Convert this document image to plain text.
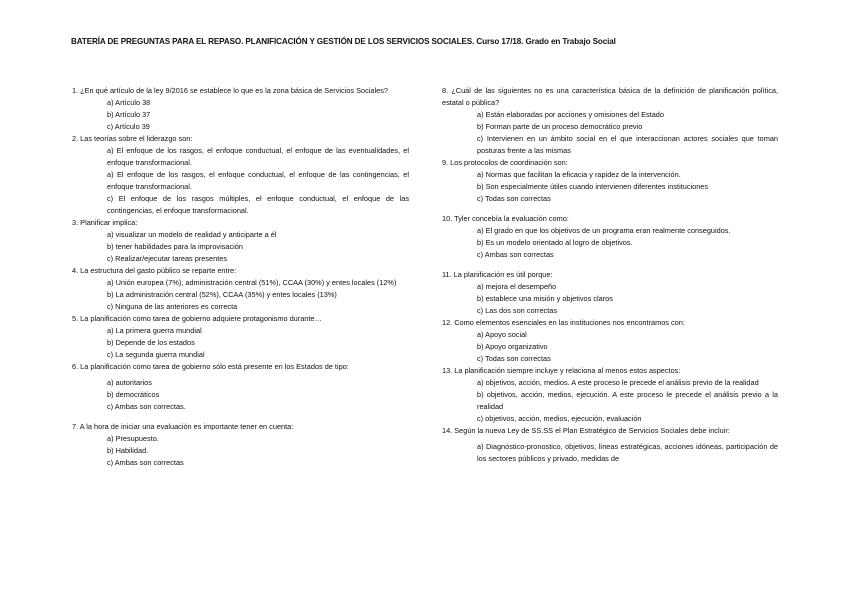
BATERÍA DE PREGUNTAS PARA EL REPASO. PLANIFICACIÓN Y GESTIÓN DE LOS SERVICIOS SOCIALES. Curso 17/18. Grado en Trabajo Social
1. ¿En qué artículo de la ley 9/2016 se establece lo que es la zona básica de Servicios Sociales?
a) Artículo 38
b) Artículo 37
c) Artículo 39
2. Las teorías sobre el liderazgo son:
a) El enfoque de los rasgos, el enfoque conductual, el enfoque de las eventualidades, el enfoque transformacional.
a) El enfoque de los rasgos, el enfoque conductual, el enfoque de las contingencias, el enfoque transformacional.
c) El enfoque de los rasgos múltiples, el enfoque conductual, el enfoque de las contingencias, el enfoque transformacional.
3. Planificar implica:
a) visualizar un modelo de realidad y anticiparte a él
b) tener habilidades para la improvisación
c) Realizar/ejecutar tareas presentes
4. La estructura del gasto público se reparte entre:
a) Unión europea (7%), administración central (51%), CCAA (30%) y entes locales (12%)
b) La administración central (52%), CCAA (35%) y entes locales (13%)
c) Ninguna de las anteriores es correcta
5. La planificación como tarea de gobierno adquiere protagonismo durante…
a) La primera guerra mundial
b) Depende de los estados
c) La segunda guerra mundial
6. La planificación como tarea de gobierno sólo está presente en los Estados de tipo:
a) autoritarios
b) democráticos
c) Ambas son correctas.
7. A la hora de iniciar una evaluación es importante tener en cuenta:
a) Presupuesto.
b) Habilidad.
c) Ambas son correctas
8. ¿Cuál de las siguientes no es una característica básica de la definición de planificación política, estatal o pública?
a) Están elaboradas por acciones y omisiones del Estado
b) Forman parte de un proceso democrático previo
c) Intervienen en un ámbito social en el que interaccionan actores sociales que toman posturas frente a las mismas
9. Los protocolos de coordinación son:
a) Normas que facilitan la eficacia y rapidez de la intervención.
b) Son especialmente útiles cuando intervienen diferentes instituciones
c) Todas son correctas
10. Tyler concebía la evaluación como:
a) El grado en que los objetivos de un programa eran realmente conseguidos.
b) Es un modelo orientado al logro de objetivos.
c) Ambas son correctas
11. La planificación es útil porque:
a) mejora el desempeño
b) establece una misión y objetivos claros
c) Las dos son correctas
12. Como elementos esenciales en las instituciones nos encontramos con:
a) Apoyo social
b) Apoyo organizativo
c) Todas son correctas
13. La planificación siempre incluye y relaciona al menos estos aspectos:
a) objetivos, acción, medios. A este proceso le precede el análisis previo de la realidad
b) objetivos, acción, medios, ejecución. A este proceso le precede el análisis previo a la realidad
c) objetivos, acción, medios, ejecución, evaluación
14. Según la nueva Ley de SS.SS el Plan Estratégico de Servicios Sociales debe incluir:
a) Diagnóstico-pronostico, objetivos, líneas estratégicas, acciones idóneas, participación de los sectores públicos y privado, medidas de
